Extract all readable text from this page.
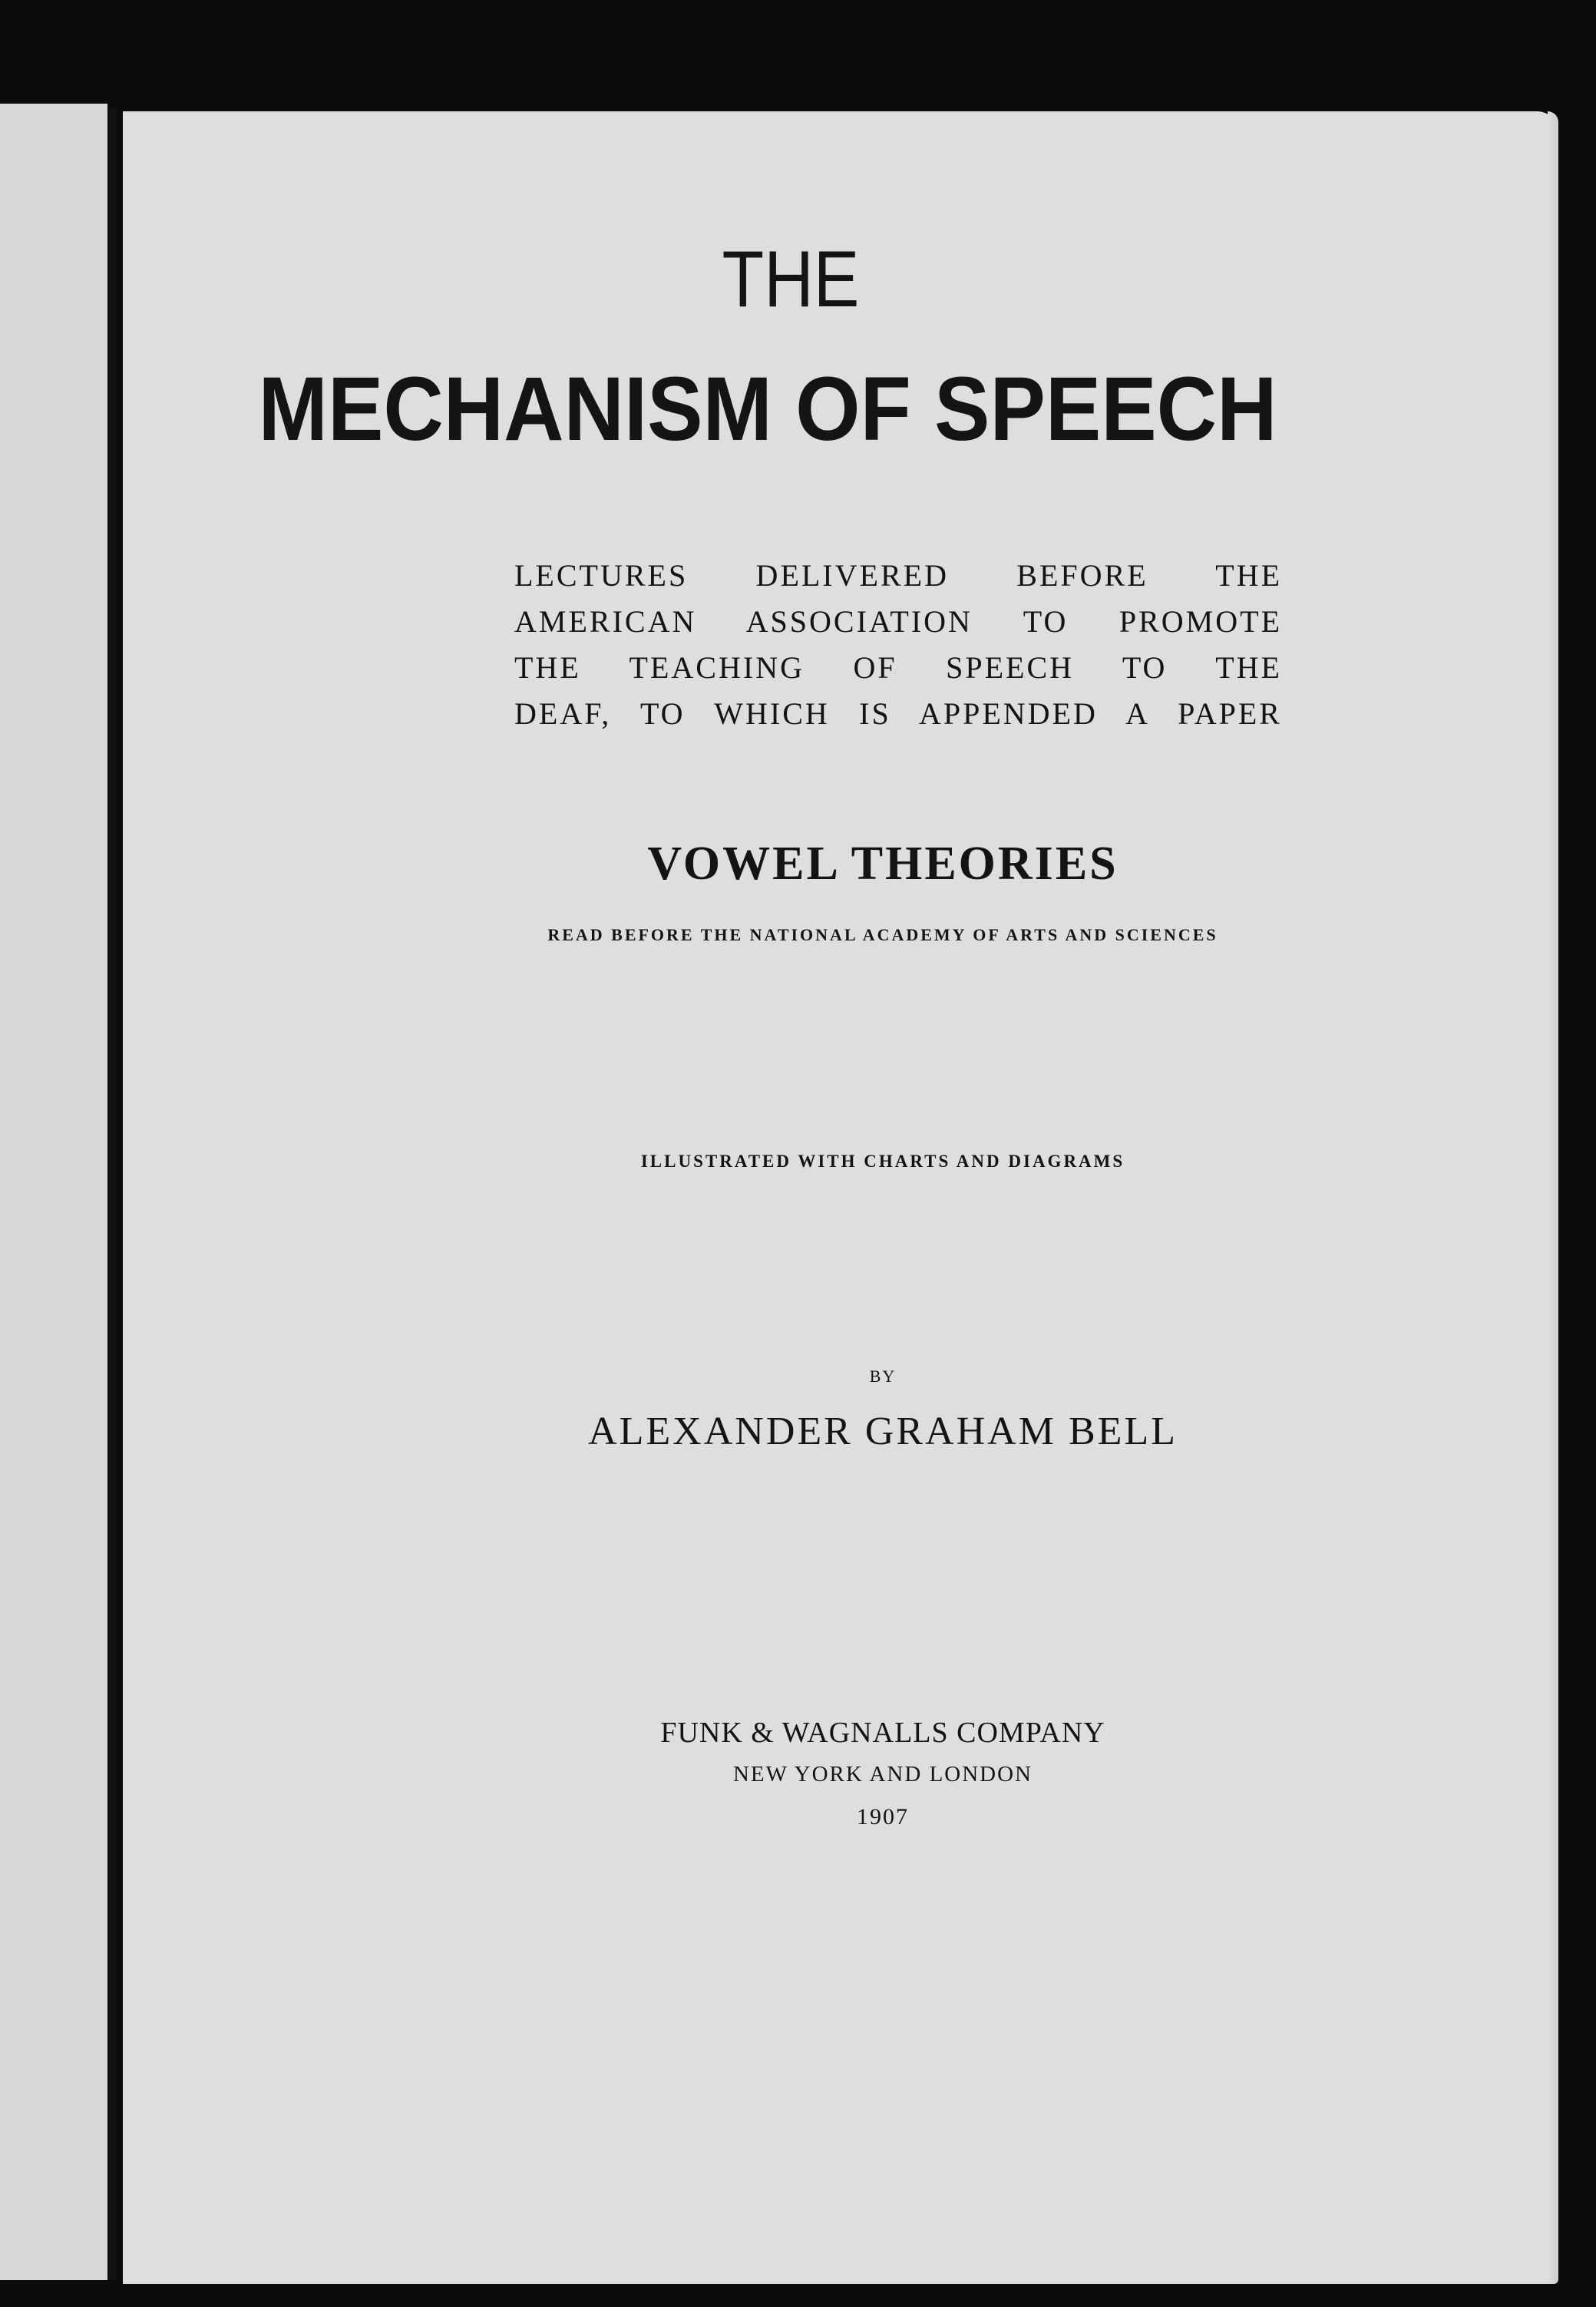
THE
MECHANISM OF SPEECH
LECTURES DELIVERED BEFORE THE
AMERICAN ASSOCIATION TO PROMOTE
THE TEACHING OF SPEECH TO THE
DEAF, TO WHICH IS APPENDED A PAPER
VOWEL THEORIES

READ BEFORE THE NATIONAL ACADEMY OF ARTS AND SCIENCES

ILLUSTRATED WITH CHARTS AND DIAGRAMS

BY

ALEXANDER GRAHAM BELL

FUNK & WAGNALLS COMPANY

NEW YORK AND LONDON

1907
